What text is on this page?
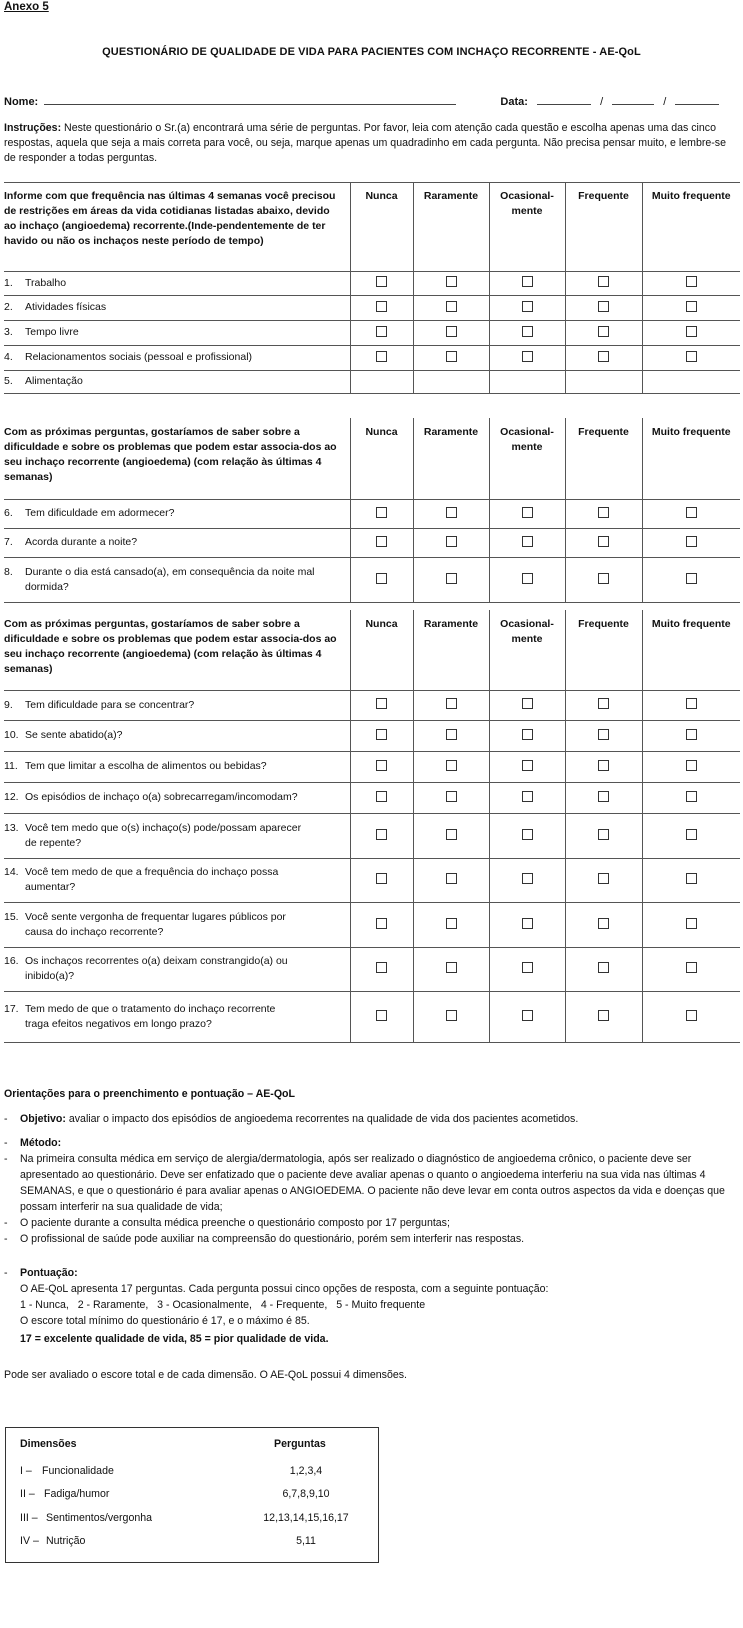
Anexo 5
QUESTIONÁRIO DE QUALIDADE DE VIDA PARA PACIENTES COM INCHAÇO RECORRENTE - AE-QoL
Nome:	Data:	/	/
Instruções: Neste questionário o Sr.(a) encontrará uma série de perguntas. Por favor, leia com atenção cada questão e escolha apenas uma das cinco respostas, aquela que seja a mais correta para você, ou seja, marque apenas um quadradinho em cada pergunta. Não precisa pensar muito, e lembre-se de responder a todas perguntas.
Informe com que frequência nas últimas 4 semanas você precisou de restrições em áreas da vida cotidianas listadas abaixo, devido ao inchaço (angioedema) recorrente.(Inde-pendentemente de ter havido ou não os inchaços neste período de tempo)	Nunca	Raramente	Ocasional-mente	Frequente	Muito frequente
1. Trabalho					
2. Atividades físicas					
3. Tempo livre					
4. Relacionamentos sociais (pessoal e profissional)					
5. Alimentação					
Com as próximas perguntas, gostaríamos de saber sobre a dificuldade e sobre os problemas que podem estar associa-dos ao seu inchaço recorrente (angioedema) (com relação às últimas 4 semanas)	Nunca	Raramente	Ocasional-mente	Frequente	Muito frequente
6. Tem dificuldade em adormecer?					
7. Acorda durante a noite?					
8. Durante o dia está cansado(a), em consequência da noite mal
dormida?					

Com as próximas perguntas, gostaríamos de saber sobre a dificuldade e sobre os problemas que podem estar associa-dos ao seu inchaço recorrente (angioedema) (com relação às últimas 4 semanas)	Nunca	Raramente	Ocasional-mente	Frequente	Muito frequente
9. Tem dificuldade para se concentrar?					
10. Se sente abatido(a)?					
11. Tem que limitar a escolha de alimentos ou bebidas?					
12. Os episódios de inchaço o(a) sobrecarregam/incomodam?					
13. Você tem medo que o(s) inchaço(s) pode/possam aparecer
de repente?					

14. Você tem medo de que a frequência do inchaço possa
aumentar?					

15. Você sente vergonha de frequentar lugares públicos por
causa do inchaço recorrente?					

16. Os inchaços recorrentes o(a) deixam constrangido(a) ou
inibido(a)?					

17. Tem medo de que o tratamento do inchaço recorrente
traga efeitos negativos em longo prazo?					

Orientações para o preenchimento e pontuação – AE-QoL

- Objetivo: avaliar o impacto dos episódios de angioedema recorrentes na qualidade de vida dos pacientes acometidos.

- Método:

- Na primeira consulta médica em serviço de alergia/dermatologia, após ser realizado o diagnóstico de angioedema crônico, o paciente deve ser apresentado ao questionário. Deve ser enfatizado que o paciente deve avaliar apenas o quanto o angioedema interferiu na sua vida nas últimas 4 SEMANAS, e que o questionário é para avaliar apenas o ANGIOEDEMA. O paciente não deve levar em conta outros aspectos da vida e doenças que possam interferir na sua qualidade de vida;

- O paciente durante a consulta médica preenche o questionário composto por 17 perguntas;

- O profissional de saúde pode auxiliar na compreensão do questionário, porém sem interferir nas respostas.

- Pontuação:

O AE-QoL apresenta 17 perguntas. Cada pergunta possui cinco opções de resposta, com a seguinte pontuação:

1 - Nunca,   2 - Raramente,   3 - Ocasionalmente,   4 - Frequente,   5 - Muito frequente

O escore total mínimo do questionário é 17, e o máximo é 85.

17 = excelente qualidade de vida, 85 = pior qualidade de vida.

Pode ser avaliado o escore total e de cada dimensão. O AE-QoL possui 4 dimensões.

Dimensões	Perguntas
I – Funcionalidade	1,2,3,4
II – Fadiga/humor	6,7,8,9,10
III – Sentimentos/vergonha	12,13,14,15,16,17
IV – Nutrição	5,11
